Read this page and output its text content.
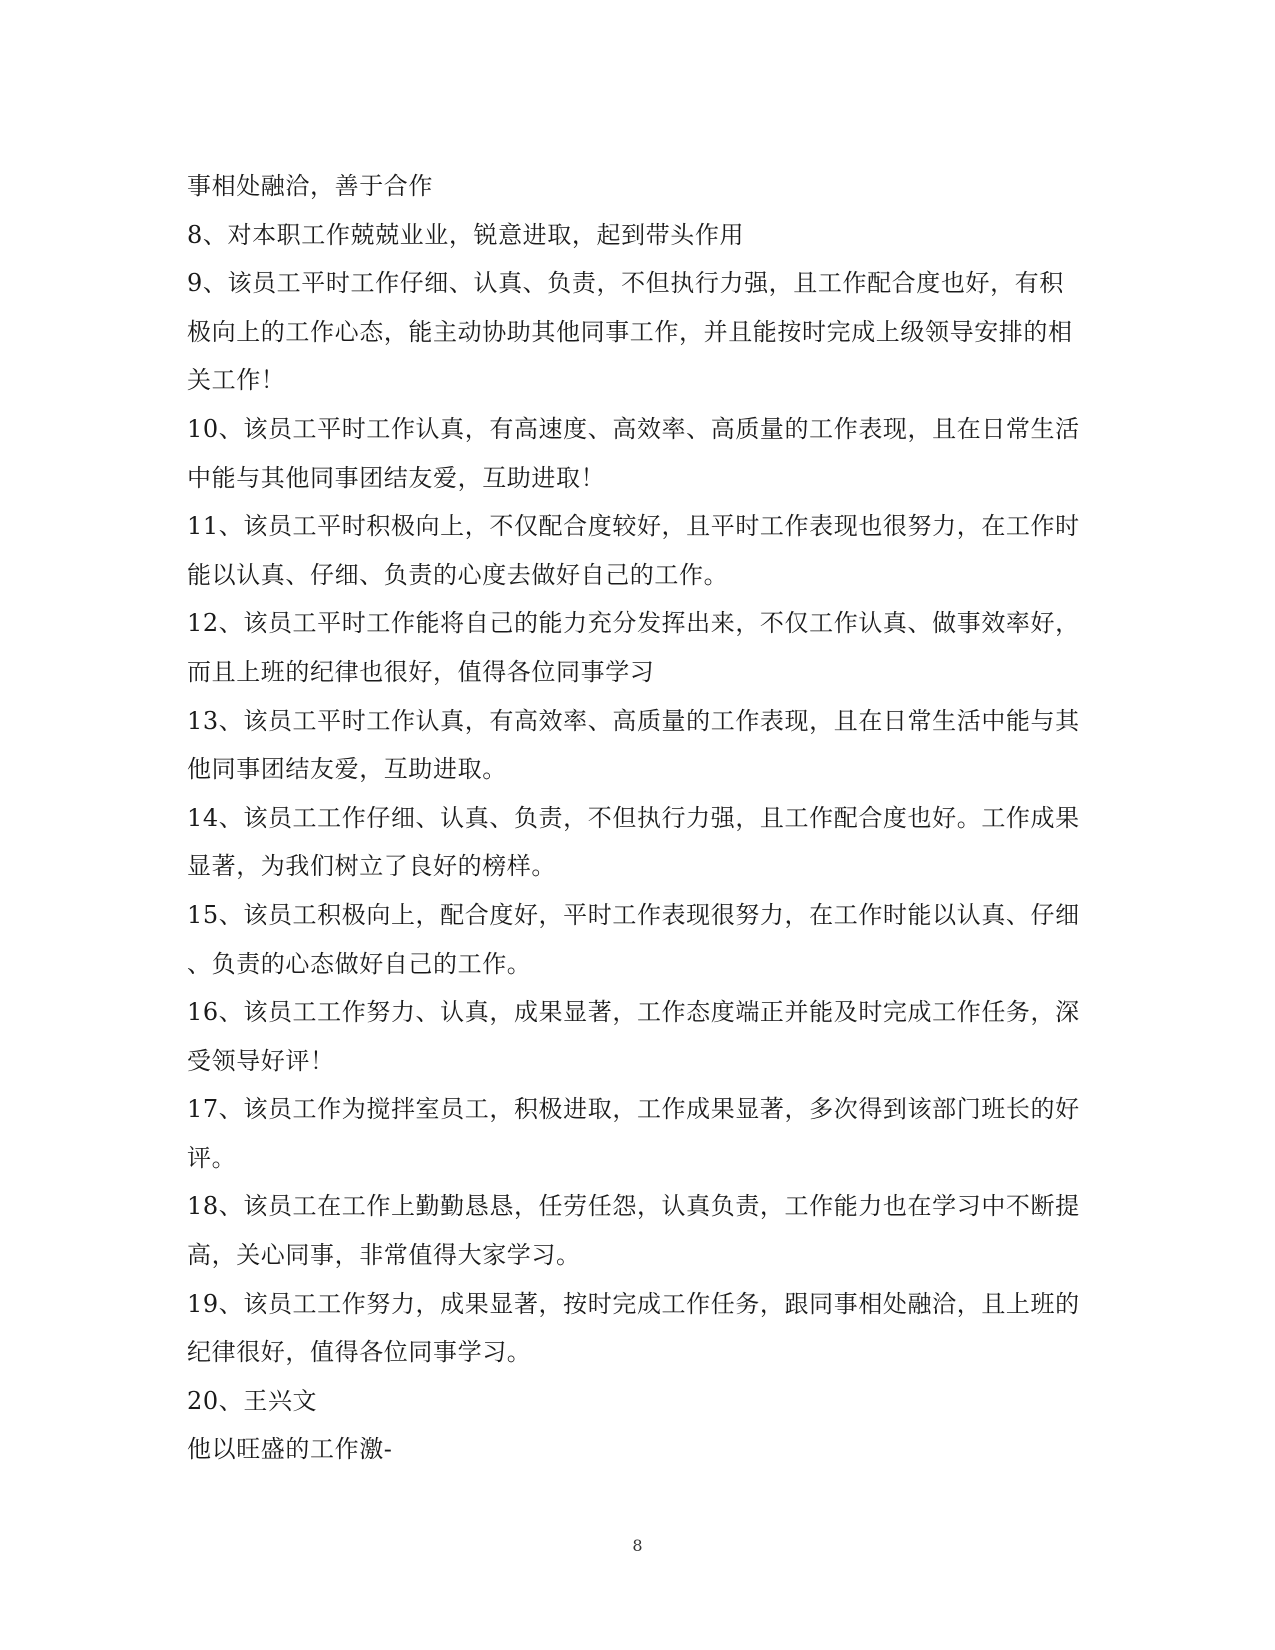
事相处融洽，善于合作
8、对本职工作兢兢业业，锐意进取，起到带头作用
9、该员工平时工作仔细、认真、负责，不但执行力强，且工作配合度也好，有积
极向上的工作心态，能主动协助其他同事工作，并且能按时完成上级领导安排的相
关工作！
10、该员工平时工作认真，有高速度、高效率、高质量的工作表现，且在日常生活
中能与其他同事团结友爱，互助进取！
11、该员工平时积极向上，不仅配合度较好，且平时工作表现也很努力，在工作时
能以认真、仔细、负责的心度去做好自己的工作。
12、该员工平时工作能将自己的能力充分发挥出来，不仅工作认真、做事效率好，
而且上班的纪律也很好，值得各位同事学习
13、该员工平时工作认真，有高效率、高质量的工作表现，且在日常生活中能与其
他同事团结友爱，互助进取。
14、该员工工作仔细、认真、负责，不但执行力强，且工作配合度也好。工作成果
显著，为我们树立了良好的榜样。
15、该员工积极向上，配合度好，平时工作表现很努力，在工作时能以认真、仔细
、负责的心态做好自己的工作。
16、该员工工作努力、认真，成果显著，工作态度端正并能及时完成工作任务，深
受领导好评！
17、该员工作为搅拌室员工，积极进取，工作成果显著，多次得到该部门班长的好
评。
18、该员工在工作上勤勤恳恳，任劳任怨，认真负责，工作能力也在学习中不断提
高，关心同事，非常值得大家学习。
19、该员工工作努力，成果显著，按时完成工作任务，跟同事相处融洽，且上班的
纪律很好，值得各位同事学习。
20、王兴文
他以旺盛的工作激-
8
